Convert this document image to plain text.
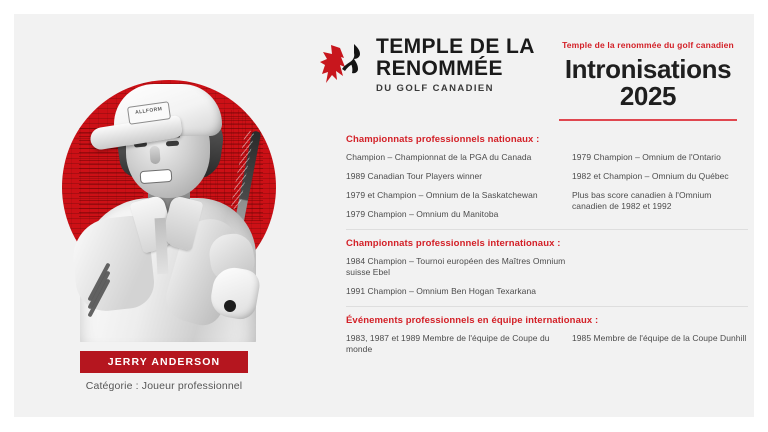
ALLFORM
JERRY ANDERSON
Catégorie : Joueur professionnel
TEMPLE DE LA
RENOMMÉE
DU GOLF CANADIEN
Temple de la renommée du golf canadien
Intronisations
2025
Championnats professionnels nationaux :
Champion – Championnat de la PGA du Canada
1989 Canadian Tour Players winner
1979 et Champion – Omnium de la Saskatchewan
1979 Champion – Omnium du Manitoba
1979 Champion – Omnium de l'Ontario
1982 et Champion – Omnium du Québec
Plus bas score canadien à l'Omnium canadien de 1982 et 1992
Championnats professionnels internationaux :
1984 Champion – Tournoi européen des Maîtres Omnium suisse Ebel
1991 Champion – Omnium Ben Hogan Texarkana
Événements professionnels en équipe internationaux :
1983, 1987 et 1989 Membre de l'équipe de Coupe du monde
1985 Membre de l'équipe de la Coupe Dunhill
